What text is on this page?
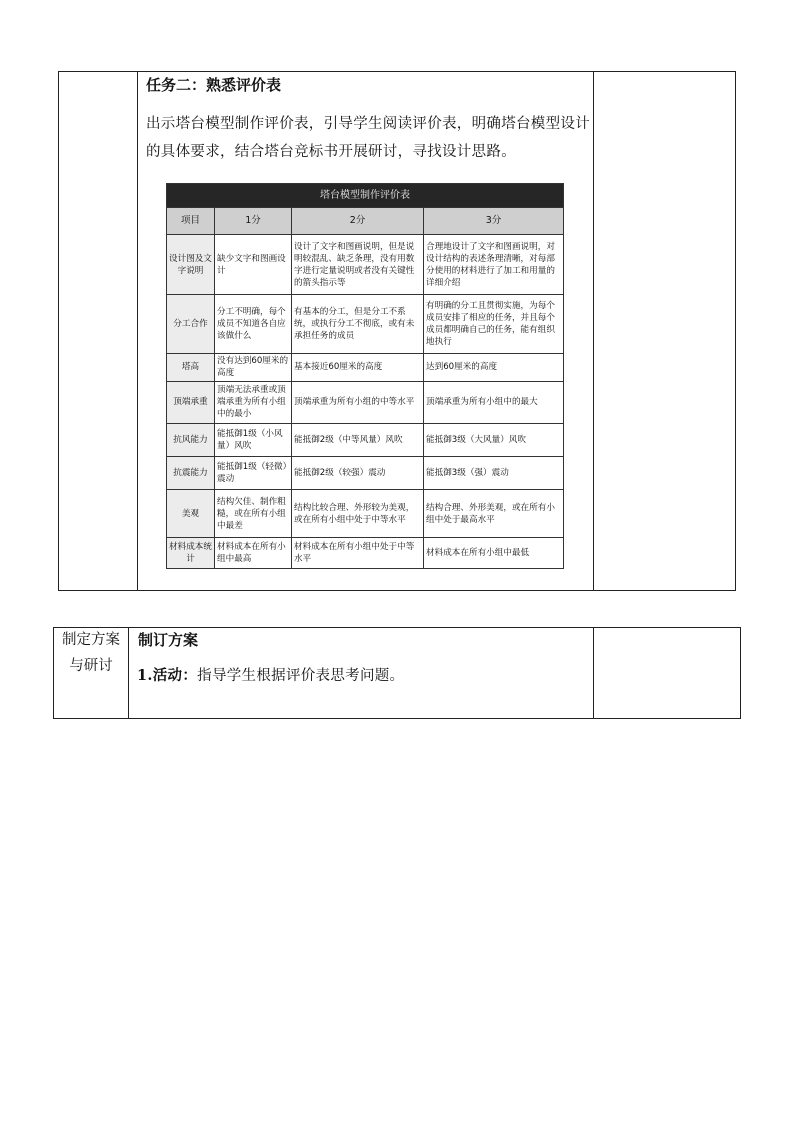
任务二：熟悉评价表
出示塔台模型制作评价表，引导学生阅读评价表，明确塔台模型设计的具体要求，结合塔台竞标书开展研讨，寻找设计思路。
塔台模型制作评价表			
项目	1分	2分	3分
设计图及文字说明	缺少文字和图画设计	设计了文字和图画说明，但是说明较混乱、缺乏条理，没有用数字进行定量说明或者没有关键性的箭头指示等	合理地设计了文字和图画说明，对设计结构的表述条理清晰，对每部分使用的材料进行了加工和用量的详细介绍
分工合作	分工不明确，每个成员不知道各自应该做什么	有基本的分工，但是分工不系统，或执行分工不彻底，或有未承担任务的成员	有明确的分工且贯彻实施，为每个成员安排了相应的任务，并且每个成员都明确自己的任务，能有组织地执行
塔高	没有达到60厘米的高度	基本接近60厘米的高度	达到60厘米的高度
顶端承重	顶端无法承重或顶端承重为所有小组中的最小	顶端承重为所有小组的中等水平	顶端承重为所有小组中的最大
抗风能力	能抵御1级（小风量）风吹	能抵御2级（中等风量）风吹	能抵御3级（大风量）风吹
抗震能力	能抵御1级（轻微）震动	能抵御2级（较强）震动	能抵御3级（强）震动
美观	结构欠佳、制作粗糙，或在所有小组中最差	结构比较合理、外形较为美观，或在所有小组中处于中等水平	结构合理、外形美观，或在所有小组中处于最高水平
材料成本统计	材料成本在所有小组中最高	材料成本在所有小组中处于中等水平	材料成本在所有小组中最低
制定方案与研讨
制订方案
1.活动：指导学生根据评价表思考问题。
